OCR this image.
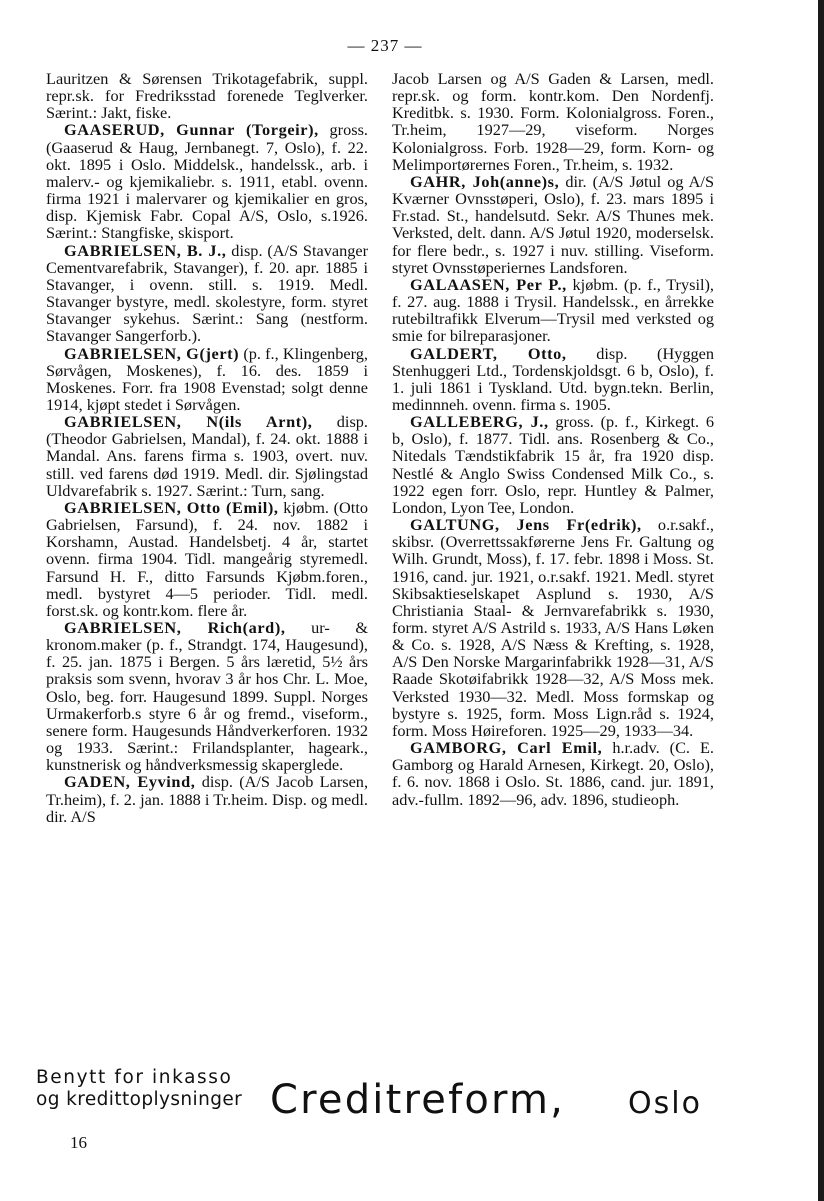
— 237 —

Lauritzen & Sørensen Trikotagefabrik, suppl. repr.sk. for Fredriksstad forenede Teglverker. Særint.: Jakt, fiske.

GAASERUD, Gunnar (Torgeir), gross. (Gaaserud & Haug, Jernbanegt. 7, Oslo), f. 22. okt. 1895 i Oslo. Middelsk., handelssk., arb. i malerv.- og kjemikaliebr. s. 1911, etabl. ovenn. firma 1921 i malervarer og kjemikalier en gros, disp. Kjemisk Fabr. Copal A/S, Oslo, s.1926. Særint.: Stangfiske, skisport.

GABRIELSEN, B. J., disp. (A/S Stavanger Cementvarefabrik, Stavanger), f. 20. apr. 1885 i Stavanger, i ovenn. still. s. 1919. Medl. Stavanger bystyre, medl. skolestyre, form. styret Stavanger sykehus. Særint.: Sang (nestform. Stavanger Sangerforb.).

GABRIELSEN, G(jert) (p. f., Klingenberg, Sørvågen, Moskenes), f. 16. des. 1859 i Moskenes. Forr. fra 1908 Evenstad; solgt denne 1914, kjøpt stedet i Sørvågen.

GABRIELSEN, N(ils Arnt), disp. (Theodor Gabrielsen, Mandal), f. 24. okt. 1888 i Mandal. Ans. farens firma s. 1903, overt. nuv. still. ved farens død 1919. Medl. dir. Sjølingstad Uldvarefabrik s. 1927. Særint.: Turn, sang.

GABRIELSEN, Otto (Emil), kjøbm. (Otto Gabrielsen, Farsund), f. 24. nov. 1882 i Korshamn, Austad. Handelsbetj. 4 år, startet ovenn. firma 1904. Tidl. mangeårig styremedl. Farsund H. F., ditto Farsunds Kjøbm.foren., medl. bystyret 4—5 perioder. Tidl. medl. forst.sk. og kontr.kom. flere år.

GABRIELSEN, Rich(ard), ur- & kronom.maker (p. f., Strandgt. 174, Haugesund), f. 25. jan. 1875 i Bergen. 5 års læretid, 5½ års praksis som svenn, hvorav 3 år hos Chr. L. Moe, Oslo, beg. forr. Haugesund 1899. Suppl. Norges Urmakerforb.s styre 6 år og fremd., viseform., senere form. Haugesunds Håndverkerforen. 1932 og 1933. Særint.: Frilandsplanter, hageark., kunstnerisk og håndverksmessig skaperglede.

GADEN, Eyvind, disp. (A/S Jacob Larsen, Tr.heim), f. 2. jan. 1888 i Tr.heim. Disp. og medl. dir. A/S

Jacob Larsen og A/S Gaden & Larsen, medl. repr.sk. og form. kontr.kom. Den Nordenfj. Kreditbk. s. 1930. Form. Kolonialgross. Foren., Tr.heim, 1927—29, viseform. Norges Kolonialgross. Forb. 1928—29, form. Korn- og Melimportørernes Foren., Tr.heim, s. 1932.

GAHR, Joh(anne)s, dir. (A/S Jøtul og A/S Kværner Ovnsstøperi, Oslo), f. 23. mars 1895 i Fr.stad. St., handelsutd. Sekr. A/S Thunes mek. Verksted, delt. dann. A/S Jøtul 1920, moderselsk. for flere bedr., s. 1927 i nuv. stilling. Viseform. styret Ovnsstøperiernes Landsforen.

GALAASEN, Per P., kjøbm. (p. f., Trysil), f. 27. aug. 1888 i Trysil. Handelssk., en årrekke rutebiltrafikk Elverum—Trysil med verksted og smie for bilreparasjoner.

GALDERT, Otto, disp. (Hyggen Stenhuggeri Ltd., Tordenskjoldsgt. 6 b, Oslo), f. 1. juli 1861 i Tyskland. Utd. bygn.tekn. Berlin, medinnneh. ovenn. firma s. 1905.

GALLEBERG, J., gross. (p. f., Kirkegt. 6 b, Oslo), f. 1877. Tidl. ans. Rosenberg & Co., Nitedals Tændstikfabrik 15 år, fra 1920 disp. Nestlé & Anglo Swiss Condensed Milk Co., s. 1922 egen forr. Oslo, repr. Huntley & Palmer, London, Lyon Tee, London.

GALTUNG, Jens Fr(edrik), o.r.sakf., skibsr. (Overrettssakførerne Jens Fr. Galtung og Wilh. Grundt, Moss), f. 17. febr. 1898 i Moss. St. 1916, cand. jur. 1921, o.r.sakf. 1921. Medl. styret Skibsaktieselskapet Asplund s. 1930, A/S Christiania Staal- & Jernvarefabrikk s. 1930, form. styret A/S Astrild s. 1933, A/S Hans Løken & Co. s. 1928, A/S Næss & Krefting, s. 1928, A/S Den Norske Margarinfabrikk 1928—31, A/S Raade Skotøifabrikk 1928—32, A/S Moss mek. Verksted 1930—32. Medl. Moss formskap og bystyre s. 1925, form. Moss Lign.råd s. 1924, form. Moss Høireforen. 1925—29, 1933—34.

GAMBORG, Carl Emil, h.r.adv. (C. E. Gamborg og Harald Arnesen, Kirkegt. 20, Oslo), f. 6. nov. 1868 i Oslo. St. 1886, cand. jur. 1891, adv.-fullm. 1892—96, adv. 1896, studieoph.

Benytt for inkasso
og kredittoplysninger Creditreform, Oslo
16
